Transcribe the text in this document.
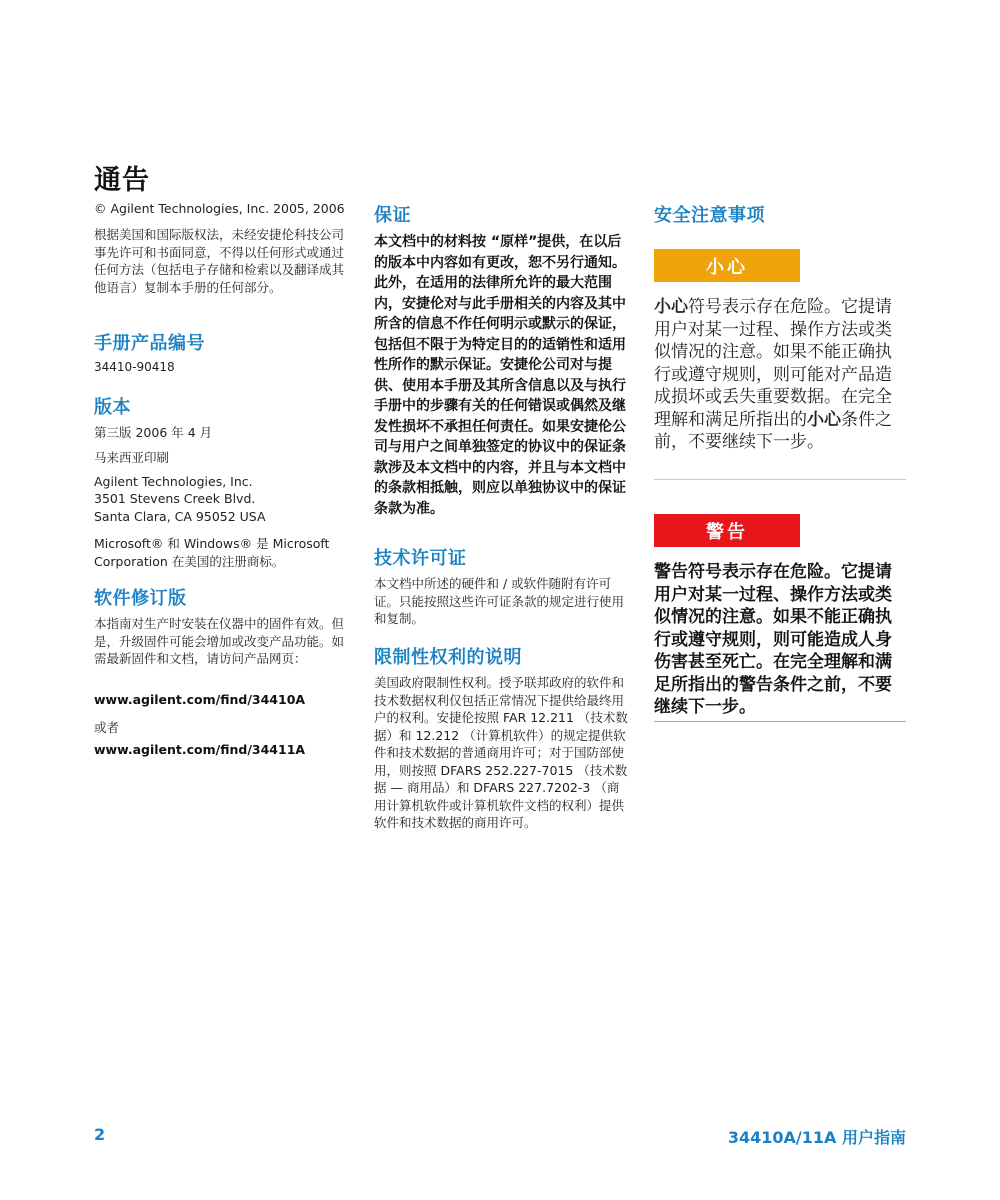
通告

© Agilent Technologies, Inc. 2005, 2006

根据美国和国际版权法，未经安捷伦科技公司事先许可和书面同意，不得以任何形式或通过任何方法（包括电子存储和检索以及翻译成其他语言）复制本手册的任何部分。

手册产品编号

34410-90418

版本

第三版 2006 年 4 月

马来西亚印刷

Agilent Technologies, Inc.

3501 Stevens Creek Blvd.

Santa Clara, CA 95052 USA

Microsoft® 和 Windows® 是 Microsoft Corporation 在美国的注册商标。

软件修订版

本指南对生产时安装在仪器中的固件有效。但是，升级固件可能会增加或改变产品功能。如需最新固件和文档，请访问产品网页：

www.agilent.com/find/34410A

或者

www.agilent.com/find/34411A

保证

本文档中的材料按 “原样”提供，在以后的版本中内容如有更改，恕不另行通知。此外，在适用的法律所允许的最大范围内，安捷伦对与此手册相关的内容及其中所含的信息不作任何明示或默示的保证，包括但不限于为特定目的的适销性和适用性所作的默示保证。安捷伦公司对与提供、使用本手册及其所含信息以及与执行手册中的步骤有关的任何错误或偶然及继发性损坏不承担任何责任。如果安捷伦公司与用户之间单独签定的协议中的保证条款涉及本文档中的内容，并且与本文档中的条款相抵触，则应以单独协议中的保证条款为准。

技术许可证

本文档中所述的硬件和 / 或软件随附有许可证。只能按照这些许可证条款的规定进行使用和复制。

限制性权利的说明

美国政府限制性权利。授予联邦政府的软件和技术数据权利仅包括正常情况下提供给最终用户的权利。安捷伦按照 FAR 12.211 （技术数据）和 12.212 （计算机软件）的规定提供软件和技术数据的普通商用许可；对于国防部使用，则按照 DFARS 252.227-7015 （技术数据 — 商用品）和 DFARS 227.7202-3 （商用计算机软件或计算机软件文档的权利）提供软件和技术数据的商用许可。

安全注意事项
小心

小心符号表示存在危险。它提请用户对某一过程、操作方法或类似情况的注意。如果不能正确执行或遵守规则，则可能对产品造成损坏或丢失重要数据。在完全理解和满足所指出的小心条件之前，不要继续下一步。

警告

警告符号表示存在危险。它提请用户对某一过程、操作方法或类似情况的注意。如果不能正确执行或遵守规则，则可能造成人身伤害甚至死亡。在完全理解和满足所指出的警告条件之前，不要继续下一步。

2	34410A/11A 用户指南
